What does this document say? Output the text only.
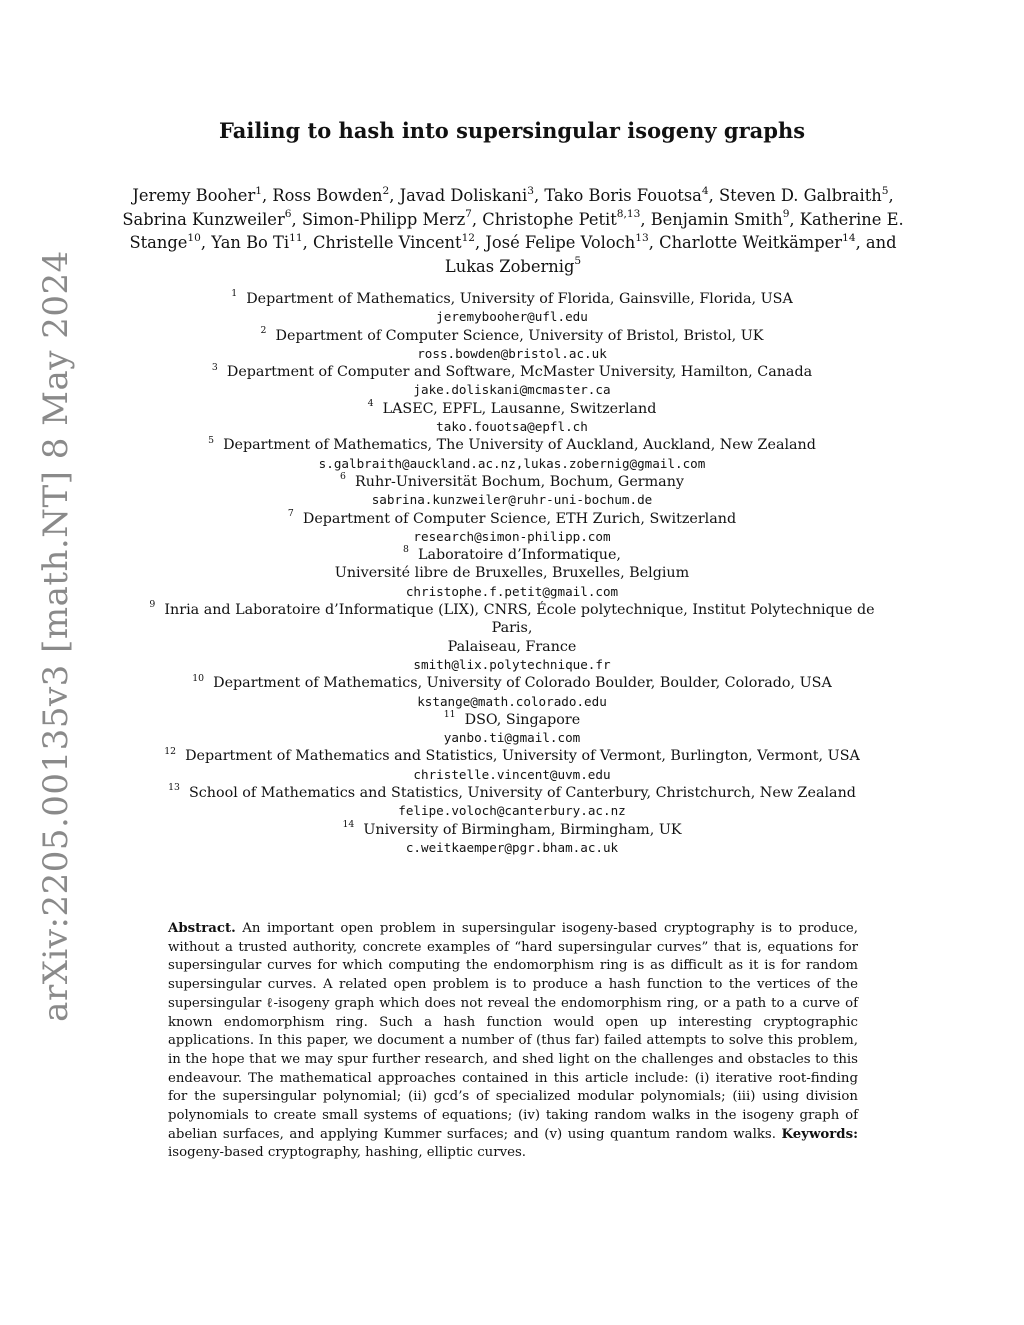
arXiv:2205.00135v3 [math.NT] 8 May 2024
Failing to hash into supersingular isogeny graphs
Jeremy Booher$^1$, Ross Bowden$^2$, Javad Doliskani$^3$, Tako Boris Fouotsa$^4$, Steven D. Galbraith$^5$, Sabrina Kunzweiler$^6$, Simon-Philipp Merz$^7$, Christophe Petit$^{8,13}$, Benjamin Smith$^9$, Katherine E. Stange$^{10}$, Yan Bo Ti$^{11}$, Christelle Vincent$^{12}$, José Felipe Voloch$^{13}$, Charlotte Weitkämper$^{14}$, and Lukas Zobernig$^5$
$^1$ Department of Mathematics, University of Florida, Gainsville, Florida, USA
jeremybooher@ufl.edu
$^2$ Department of Computer Science, University of Bristol, Bristol, UK
ross.bowden@bristol.ac.uk
$^3$ Department of Computer and Software, McMaster University, Hamilton, Canada
jake.doliskani@mcmaster.ca
$^4$ LASEC, EPFL, Lausanne, Switzerland
tako.fouotsa@epfl.ch
$^5$ Department of Mathematics, The University of Auckland, Auckland, New Zealand
s.galbraith@auckland.ac.nz,lukas.zobernig@gmail.com
$^6$ Ruhr-Universität Bochum, Bochum, Germany
sabrina.kunzweiler@ruhr-uni-bochum.de
$^7$ Department of Computer Science, ETH Zurich, Switzerland
research@simon-philipp.com
$^8$ Laboratoire d’Informatique,
Université libre de Bruxelles, Bruxelles, Belgium
christophe.f.petit@gmail.com
$^9$ Inria and Laboratoire d’Informatique (LIX), CNRS, École polytechnique, Institut Polytechnique de Paris,
Palaiseau, France
smith@lix.polytechnique.fr
$^{10}$ Department of Mathematics, University of Colorado Boulder, Boulder, Colorado, USA
kstange@math.colorado.edu
$^{11}$ DSO, Singapore
yanbo.ti@gmail.com
$^{12}$ Department of Mathematics and Statistics, University of Vermont, Burlington, Vermont, USA
christelle.vincent@uvm.edu
$^{13}$ School of Mathematics and Statistics, University of Canterbury, Christchurch, New Zealand
felipe.voloch@canterbury.ac.nz
$^{14}$ University of Birmingham, Birmingham, UK
c.weitkaemper@pgr.bham.ac.uk
Abstract. An important open problem in supersingular isogeny-based cryptography is to produce, without a trusted authority, concrete examples of “hard supersingular curves” that is, equations for supersingular curves for which computing the endomorphism ring is as difficult as it is for random supersingular curves. A related open problem is to produce a hash function to the vertices of the supersingular ℓ-isogeny graph which does not reveal the endomorphism ring, or a path to a curve of known endomorphism ring. Such a hash function would open up interesting cryptographic applications. In this paper, we document a number of (thus far) failed attempts to solve this problem, in the hope that we may spur further research, and shed light on the challenges and obstacles to this endeavour. The mathematical approaches contained in this article include: (i) iterative root-finding for the supersingular polynomial; (ii) gcd’s of specialized modular polynomials; (iii) using division polynomials to create small systems of equations; (iv) taking random walks in the isogeny graph of abelian surfaces, and applying Kummer surfaces; and (v) using quantum random walks. Keywords: isogeny-based cryptography, hashing, elliptic curves.
